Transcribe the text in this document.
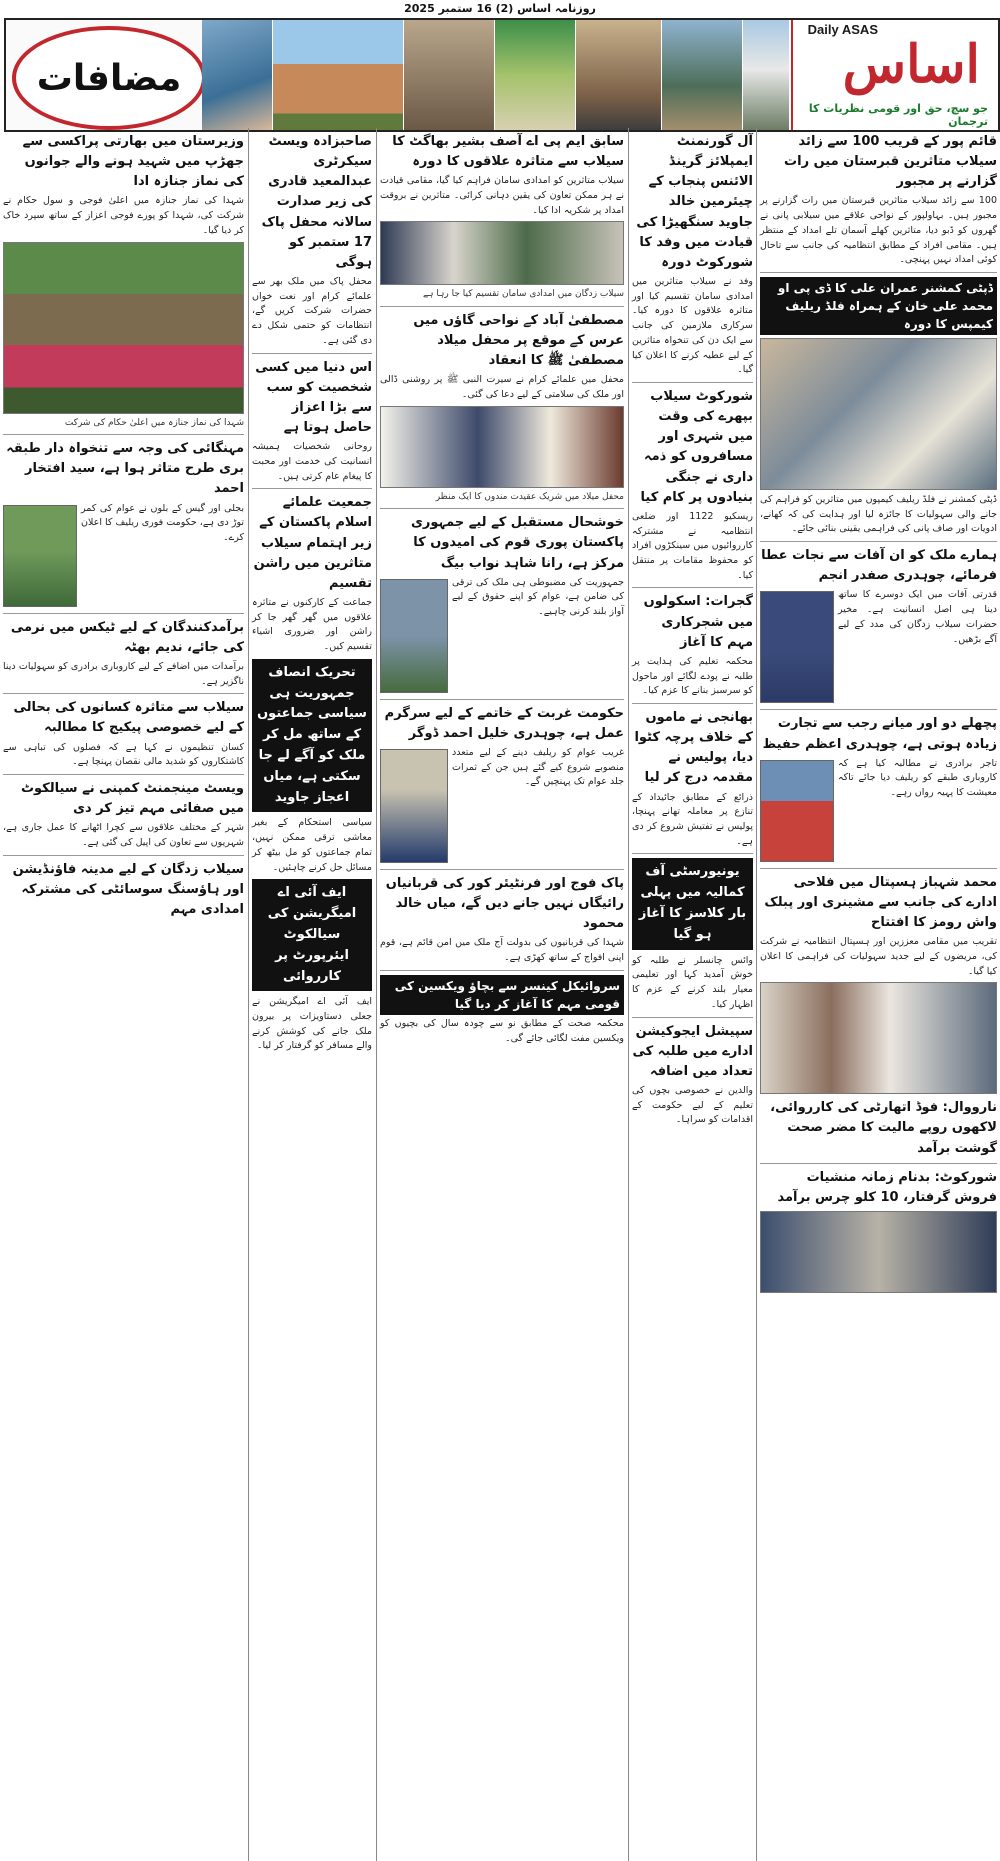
روزنامہ اساس (2) 16 ستمبر 2025
مضافات
Daily ASAS
اساس
جو سچ، حق اور قومی نظریات کا ترجمان
قائم پور کے قریب 100 سے زائد سیلاب متاثرین قبرستان میں رات گزارنے پر مجبور
100 سے زائد سیلاب متاثرین قبرستان میں رات گزارنے پر مجبور ہیں۔ بہاولپور کے نواحی علاقے میں سیلابی پانی نے گھروں کو ڈبو دیا، متاثرین کھلے آسمان تلے امداد کے منتظر ہیں۔ مقامی افراد کے مطابق انتظامیہ کی جانب سے تاحال کوئی امداد نہیں پہنچی۔
ڈپٹی کمشنر عمران علی کا ڈی پی او محمد علی خان کے ہمراہ فلڈ ریلیف کیمپس کا دورہ
ڈپٹی کمشنر نے فلڈ ریلیف کیمپوں میں متاثرین کو فراہم کی جانے والی سہولیات کا جائزہ لیا اور ہدایت کی کہ کھانے، ادویات اور صاف پانی کی فراہمی یقینی بنائی جائے۔
ہمارے ملک کو ان آفات سے نجات عطا فرمائے، چوہدری صفدر انجم
قدرتی آفات میں ایک دوسرے کا ساتھ دینا ہی اصل انسانیت ہے۔ مخیر حضرات سیلاب زدگان کی مدد کے لیے آگے بڑھیں۔
پچھلے دو اور میانے رجب سے تجارت زیادہ ہوتی ہے، چوہدری اعظم حفیظ
تاجر برادری نے مطالبہ کیا ہے کہ کاروباری طبقے کو ریلیف دیا جائے تاکہ معیشت کا پہیہ رواں رہے۔
محمد شہباز ہسپتال میں فلاحی ادارے کی جانب سے مشینری اور پبلک واش رومز کا افتتاح
تقریب میں مقامی معززین اور ہسپتال انتظامیہ نے شرکت کی، مریضوں کے لیے جدید سہولیات کی فراہمی کا اعلان کیا گیا۔
نارووال: فوڈ اتھارٹی کی کارروائی، لاکھوں روپے مالیت کا مضر صحت گوشت برآمد
شورکوٹ: بدنام زمانہ منشیات فروش گرفتار، 10 کلو چرس برآمد
آل گورنمنٹ ایمپلائز گرینڈ الائنس پنجاب کے چیئرمین خالد جاوید سنگھیڑا کی قیادت میں وفد کا شورکوٹ دورہ
وفد نے سیلاب متاثرین میں امدادی سامان تقسیم کیا اور متاثرہ علاقوں کا دورہ کیا۔ سرکاری ملازمین کی جانب سے ایک دن کی تنخواہ متاثرین کے لیے عطیہ کرنے کا اعلان کیا گیا۔
شورکوٹ سیلاب بپھرے کی وقت میں شہری اور مسافروں کو ذمہ داری نے جنگی بنیادوں پر کام کیا
ریسکیو 1122 اور ضلعی انتظامیہ نے مشترکہ کارروائیوں میں سینکڑوں افراد کو محفوظ مقامات پر منتقل کیا۔
گجرات: اسکولوں میں شجرکاری مہم کا آغاز
محکمہ تعلیم کی ہدایت پر طلبہ نے پودے لگائے اور ماحول کو سرسبز بنانے کا عزم کیا۔
بھانجی نے ماموں کے خلاف پرچہ کٹوا دیا، پولیس نے مقدمہ درج کر لیا
ذرائع کے مطابق جائیداد کے تنازع پر معاملہ تھانے پہنچا، پولیس نے تفتیش شروع کر دی ہے۔
یونیورسٹی آف کمالیہ میں پہلی بار کلاسز کا آغاز ہو گیا
وائس چانسلر نے طلبہ کو خوش آمدید کہا اور تعلیمی معیار بلند کرنے کے عزم کا اظہار کیا۔
سپیشل ایجوکیشن ادارے میں طلبہ کی تعداد میں اضافہ
والدین نے خصوصی بچوں کی تعلیم کے لیے حکومت کے اقدامات کو سراہا۔
سابق ایم پی اے آصف بشیر بھاگٹ کا سیلاب سے متاثرہ علاقوں کا دورہ
سیلاب متاثرین کو امدادی سامان فراہم کیا گیا، مقامی قیادت نے ہر ممکن تعاون کی یقین دہانی کرائی۔ متاثرین نے بروقت امداد پر شکریہ ادا کیا۔
سیلاب زدگان میں امدادی سامان تقسیم کیا جا رہا ہے
مصطفیٰ آباد کے نواحی گاؤں میں عرس کے موقع پر محفل میلاد مصطفیٰ ﷺ کا انعقاد
محفل میں علمائے کرام نے سیرت النبی ﷺ پر روشنی ڈالی اور ملک کی سلامتی کے لیے دعا کی گئی۔
محفل میلاد میں شریک عقیدت مندوں کا ایک منظر
خوشحال مستقبل کے لیے جمہوری پاکستان پوری قوم کی امیدوں کا مرکز ہے، رانا شاہد نواب بیگ
جمہوریت کی مضبوطی ہی ملک کی ترقی کی ضامن ہے، عوام کو اپنے حقوق کے لیے آواز بلند کرنی چاہیے۔
حکومت غربت کے خاتمے کے لیے سرگرم عمل ہے، چوہدری خلیل احمد ڈوگر
غریب عوام کو ریلیف دینے کے لیے متعدد منصوبے شروع کیے گئے ہیں جن کے ثمرات جلد عوام تک پہنچیں گے۔
پاک فوج اور فرنٹیئر کور کی قربانیاں رائیگاں نہیں جانے دیں گے، میاں خالد محمود
شہدا کی قربانیوں کی بدولت آج ملک میں امن قائم ہے، قوم اپنی افواج کے ساتھ کھڑی ہے۔
سروائیکل کینسر سے بچاؤ ویکسین کی قومی مہم کا آغاز کر دیا گیا
محکمہ صحت کے مطابق نو سے چودہ سال کی بچیوں کو ویکسین مفت لگائی جائے گی۔
صاحبزادہ ویسٹ سیکرٹری عبدالمعید قادری کی زیر صدارت سالانہ محفل پاک 17 ستمبر کو ہوگی
محفل پاک میں ملک بھر سے علمائے کرام اور نعت خواں حضرات شرکت کریں گے، انتظامات کو حتمی شکل دے دی گئی ہے۔
اس دنیا میں کسی شخصیت کو سب سے بڑا اعزاز حاصل ہوتا ہے
روحانی شخصیات ہمیشہ انسانیت کی خدمت اور محبت کا پیغام عام کرتی ہیں۔
جمعیت علمائے اسلام پاکستان کے زیر اہتمام سیلاب متاثرین میں راشن تقسیم
جماعت کے کارکنوں نے متاثرہ علاقوں میں گھر گھر جا کر راشن اور ضروری اشیاء تقسیم کیں۔
تحریک انصاف جمہوریت ہی سیاسی جماعتوں کے ساتھ مل کر ملک کو آگے لے جا سکتی ہے، میاں اعجاز جاوید
سیاسی استحکام کے بغیر معاشی ترقی ممکن نہیں، تمام جماعتوں کو مل بیٹھ کر مسائل حل کرنے چاہئیں۔
ایف آئی اے امیگریشن کی سیالکوٹ ایئرپورٹ پر کارروائی
ایف آئی اے امیگریشن نے جعلی دستاویزات پر بیرون ملک جانے کی کوشش کرنے والے مسافر کو گرفتار کر لیا۔
وزیرستان میں بھارتی پراکسی سے جھڑپ میں شہید ہونے والے جوانوں کی نماز جنازہ ادا
شہدا کی نماز جنازہ میں اعلیٰ فوجی و سول حکام نے شرکت کی، شہدا کو پورے فوجی اعزاز کے ساتھ سپرد خاک کر دیا گیا۔
شہدا کی نماز جنازہ میں اعلیٰ حکام کی شرکت
مہنگائی کی وجہ سے تنخواہ دار طبقہ بری طرح متاثر ہوا ہے، سید افتخار احمد
بجلی اور گیس کے بلوں نے عوام کی کمر توڑ دی ہے، حکومت فوری ریلیف کا اعلان کرے۔
برآمدکنندگان کے لیے ٹیکس میں نرمی کی جائے، ندیم بھٹہ
برآمدات میں اضافے کے لیے کاروباری برادری کو سہولیات دینا ناگزیر ہے۔
سیلاب سے متاثرہ کسانوں کی بحالی کے لیے خصوصی پیکیج کا مطالبہ
کسان تنظیموں نے کہا ہے کہ فصلوں کی تباہی سے کاشتکاروں کو شدید مالی نقصان پہنچا ہے۔
ویسٹ مینجمنٹ کمپنی نے سیالکوٹ میں صفائی مہم تیز کر دی
شہر کے مختلف علاقوں سے کچرا اٹھانے کا عمل جاری ہے، شہریوں سے تعاون کی اپیل کی گئی ہے۔
سیلاب زدگان کے لیے مدینہ فاؤنڈیشن اور ہاؤسنگ سوسائٹی کی مشترکہ امدادی مہم
